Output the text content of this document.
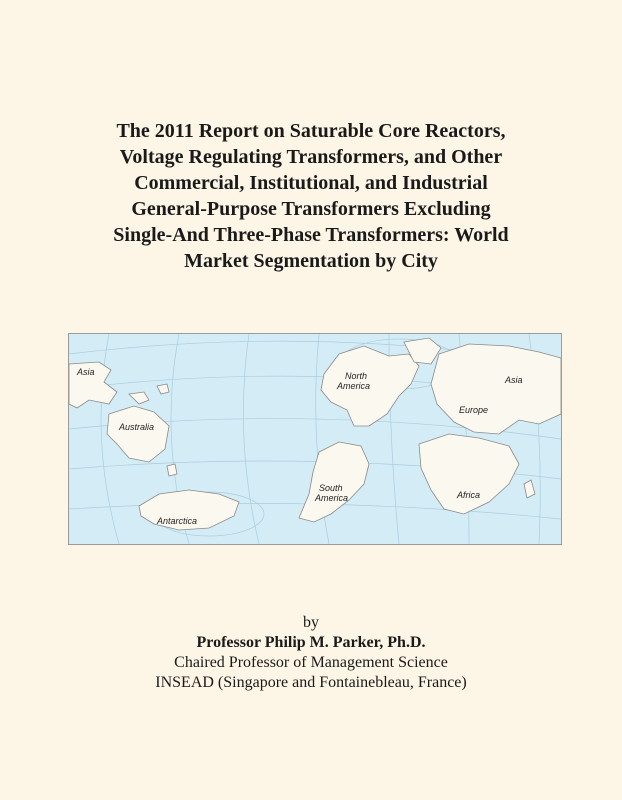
The 2011 Report on Saturable Core Reactors,
Voltage Regulating Transformers, and Other
Commercial, Institutional, and Industrial
General-Purpose Transformers Excluding
Single-And Three-Phase Transformers: World
Market Segmentation by City
Asia
Australia
Antarctica
North
America
South
America
Asia
Europe
Africa
by
Professor Philip M. Parker, Ph.D.
Chaired Professor of Management Science
INSEAD (Singapore and Fontainebleau, France)
